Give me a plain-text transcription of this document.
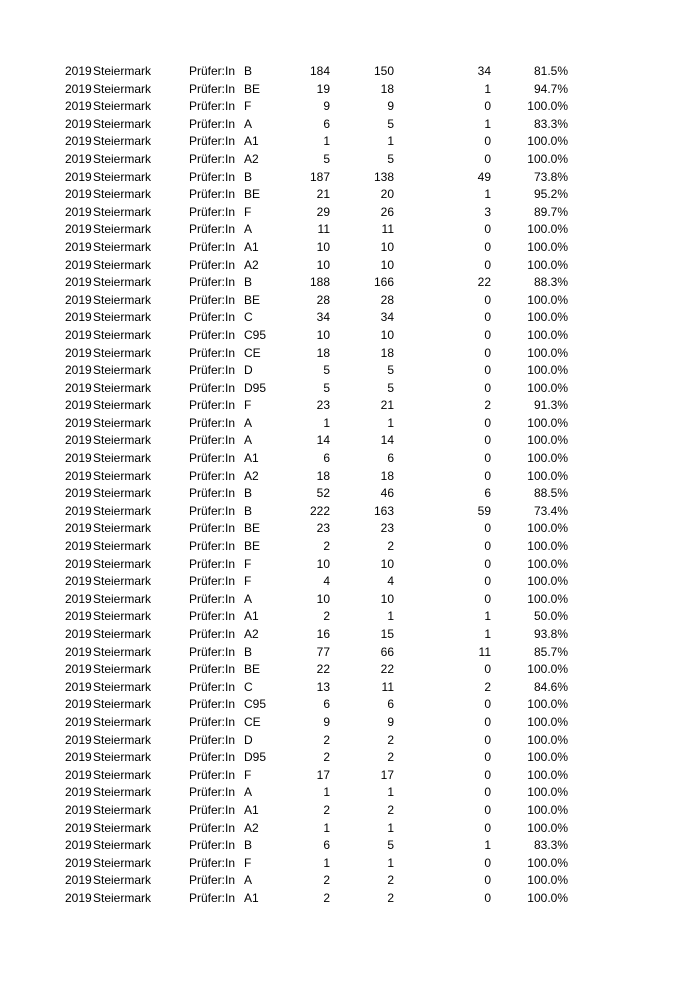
2019 Steiermark	Prüfer:In B	184	150	34	81.5%
2019 Steiermark	Prüfer:In BE	19	18	1	94.7%
2019 Steiermark	Prüfer:In F	9	9	0	100.0%
2019 Steiermark	Prüfer:In A	6	5	1	83.3%
2019 Steiermark	Prüfer:In A1	1	1	0	100.0%
2019 Steiermark	Prüfer:In A2	5	5	0	100.0%
2019 Steiermark	Prüfer:In B	187	138	49	73.8%
2019 Steiermark	Prüfer:In BE	21	20	1	95.2%
2019 Steiermark	Prüfer:In F	29	26	3	89.7%
2019 Steiermark	Prüfer:In A	11	11	0	100.0%
2019 Steiermark	Prüfer:In A1	10	10	0	100.0%
2019 Steiermark	Prüfer:In A2	10	10	0	100.0%
2019 Steiermark	Prüfer:In B	188	166	22	88.3%
2019 Steiermark	Prüfer:In BE	28	28	0	100.0%
2019 Steiermark	Prüfer:In C	34	34	0	100.0%
2019 Steiermark	Prüfer:In C95	10	10	0	100.0%
2019 Steiermark	Prüfer:In CE	18	18	0	100.0%
2019 Steiermark	Prüfer:In D	5	5	0	100.0%
2019 Steiermark	Prüfer:In D95	5	5	0	100.0%
2019 Steiermark	Prüfer:In F	23	21	2	91.3%
2019 Steiermark	Prüfer:In A	1	1	0	100.0%
2019 Steiermark	Prüfer:In A	14	14	0	100.0%
2019 Steiermark	Prüfer:In A1	6	6	0	100.0%
2019 Steiermark	Prüfer:In A2	18	18	0	100.0%
2019 Steiermark	Prüfer:In B	52	46	6	88.5%
2019 Steiermark	Prüfer:In B	222	163	59	73.4%
2019 Steiermark	Prüfer:In BE	23	23	0	100.0%
2019 Steiermark	Prüfer:In BE	2	2	0	100.0%
2019 Steiermark	Prüfer:In F	10	10	0	100.0%
2019 Steiermark	Prüfer:In F	4	4	0	100.0%
2019 Steiermark	Prüfer:In A	10	10	0	100.0%
2019 Steiermark	Prüfer:In A1	2	1	1	50.0%
2019 Steiermark	Prüfer:In A2	16	15	1	93.8%
2019 Steiermark	Prüfer:In B	77	66	11	85.7%
2019 Steiermark	Prüfer:In BE	22	22	0	100.0%
2019 Steiermark	Prüfer:In C	13	11	2	84.6%
2019 Steiermark	Prüfer:In C95	6	6	0	100.0%
2019 Steiermark	Prüfer:In CE	9	9	0	100.0%
2019 Steiermark	Prüfer:In D	2	2	0	100.0%
2019 Steiermark	Prüfer:In D95	2	2	0	100.0%
2019 Steiermark	Prüfer:In F	17	17	0	100.0%
2019 Steiermark	Prüfer:In A	1	1	0	100.0%
2019 Steiermark	Prüfer:In A1	2	2	0	100.0%
2019 Steiermark	Prüfer:In A2	1	1	0	100.0%
2019 Steiermark	Prüfer:In B	6	5	1	83.3%
2019 Steiermark	Prüfer:In F	1	1	0	100.0%
2019 Steiermark	Prüfer:In A	2	2	0	100.0%
2019 Steiermark	Prüfer:In A1	2	2	0	100.0%
